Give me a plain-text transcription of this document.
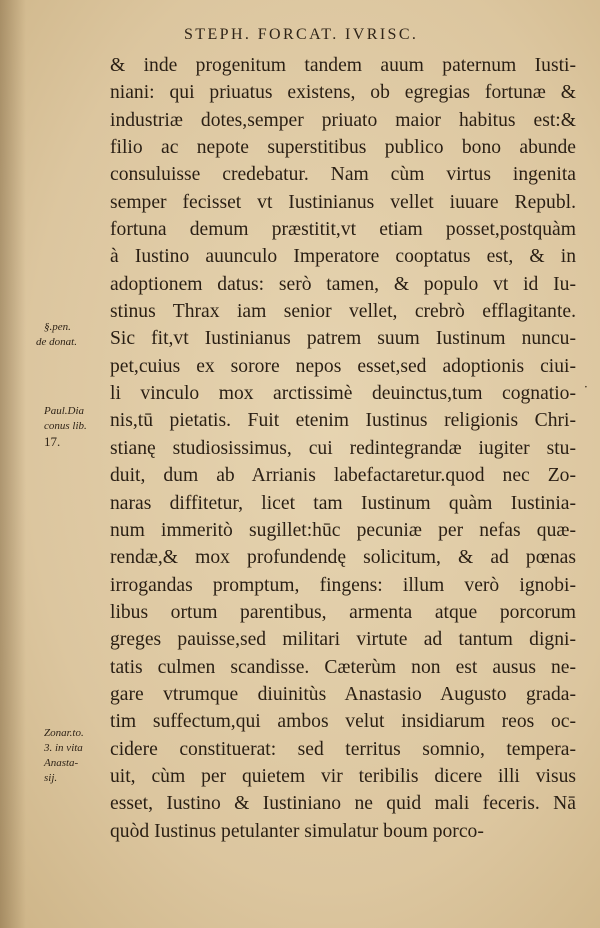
STEPH. FORCAT. IVRISC.
§.pen.
de donat.
Paul.Dia
conus lib.
17.
Zonar.to.
3. in vita
Anasta-
sij.
·
& inde progenitum tandem auum paternum Iusti-
niani: qui priuatus existens, ob egregias fortunæ &
industriæ dotes,semper priuato maior habitus est:&
filio ac nepote superstitibus publico bono abunde
consuluisse credebatur. Nam cùm virtus ingenita
semper fecisset vt Iustinianus vellet iuuare Republ.
fortuna demum præstitit,vt etiam posset,postquàm
à Iustino auunculo Imperatore cooptatus est, & in
adoptionem datus: serò tamen, & populo vt id Iu-
stinus Thrax iam senior vellet, crebrò efflagitante.
Sic fit,vt Iustinianus patrem suum Iustinum nuncu-
pet,cuius ex sorore nepos esset,sed adoptionis ciui-
li vinculo mox arctissimè deuinctus,tum cognatio-
nis,tū pietatis. Fuit etenim Iustinus religionis Chri-
stianę studiosissimus, cui redintegrandæ iugiter stu-
duit, dum ab Arrianis labefactaretur.quod nec Zo-
naras diffitetur, licet tam Iustinum quàm Iustinia-
num immeritò sugillet:hūc pecuniæ per nefas quæ-
rendæ,& mox profundendę solicitum, & ad pœnas
irrogandas promptum, fingens: illum verò ignobi-
libus ortum parentibus, armenta atque porcorum
greges pauisse,sed militari virtute ad tantum digni-
tatis culmen scandisse. Cæterùm non est ausus ne-
gare vtrumque diuinitùs Anastasio Augusto grada-
tim suffectum,qui ambos velut insidiarum reos oc-
cidere constituerat: sed territus somnio, tempera-
uit, cùm per quietem vir teribilis dicere illi visus
esset, Iustino & Iustiniano ne quid mali feceris. Nā
quòd Iustinus petulanter simulatur boum porco-
